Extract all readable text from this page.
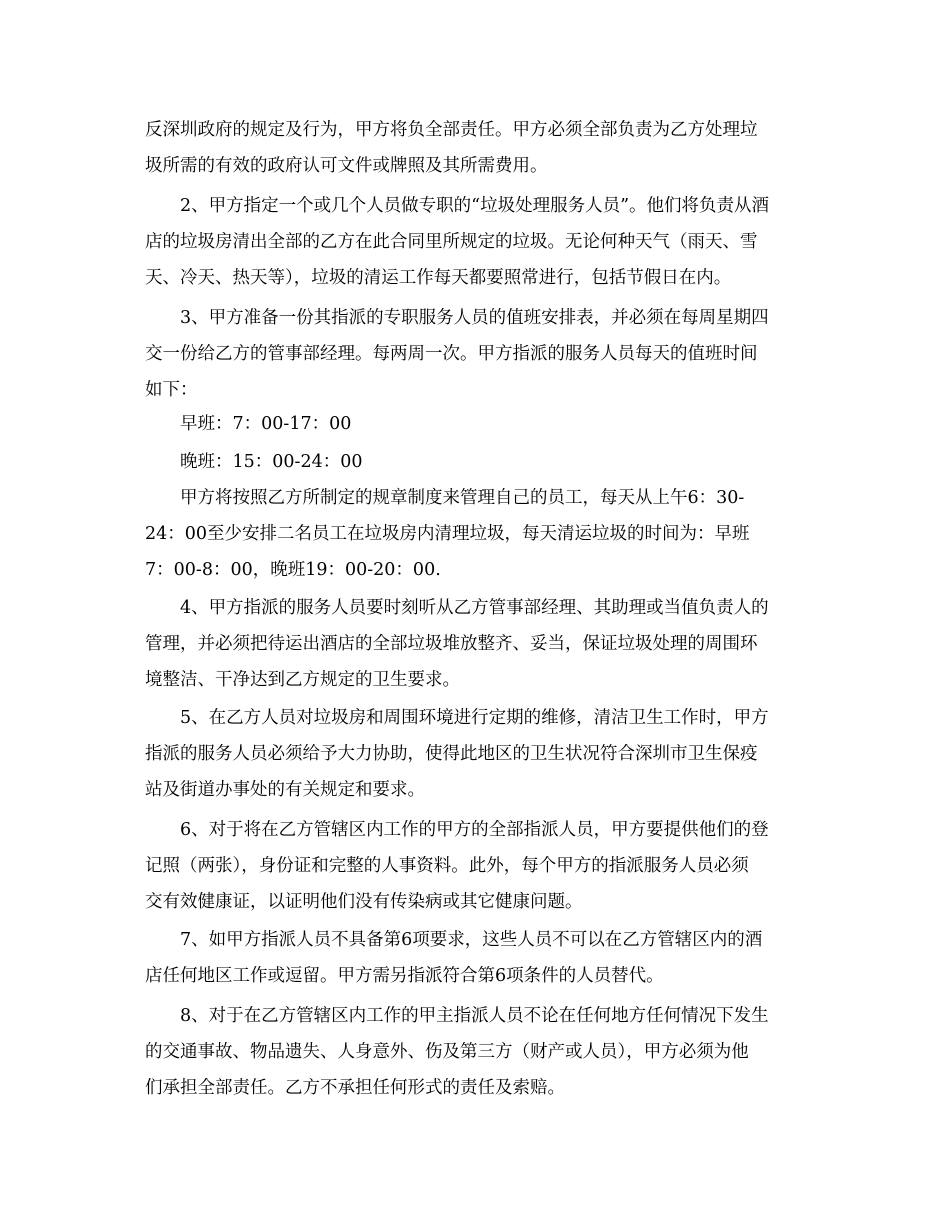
反深圳政府的规定及行为，甲方将负全部责任。甲方必须全部负责为乙方处理垃
圾所需的有效的政府认可文件或牌照及其所需费用。
2、甲方指定一个或几个人员做专职的“垃圾处理服务人员”。他们将负责从酒
店的垃圾房清出全部的乙方在此合同里所规定的垃圾。无论何种天气（雨天、雪
天、冷天、热天等），垃圾的清运工作每天都要照常进行，包括节假日在内。
3、甲方准备一份其指派的专职服务人员的值班安排表，并必须在每周星期四
交一份给乙方的管事部经理。每两周一次。甲方指派的服务人员每天的值班时间
如下：
早班：7：00-17：00
晚班：15：00-24：00
甲方将按照乙方所制定的规章制度来管理自己的员工，每天从上午6：30-
24：00至少安排二名员工在垃圾房内清理垃圾，每天清运垃圾的时间为：早班
7：00-8：00，晚班19：00-20：00.
4、甲方指派的服务人员要时刻听从乙方管事部经理、其助理或当值负责人的
管理，并必须把待运出酒店的全部垃圾堆放整齐、妥当，保证垃圾处理的周围环
境整洁、干净达到乙方规定的卫生要求。
5、在乙方人员对垃圾房和周围环境进行定期的维修，清洁卫生工作时，甲方
指派的服务人员必须给予大力协助，使得此地区的卫生状况符合深圳市卫生保疫
站及街道办事处的有关规定和要求。
6、对于将在乙方管辖区内工作的甲方的全部指派人员，甲方要提供他们的登
记照（两张），身份证和完整的人事资料。此外，每个甲方的指派服务人员必须
交有效健康证，以证明他们没有传染病或其它健康问题。
7、如甲方指派人员不具备第6项要求，这些人员不可以在乙方管辖区内的酒
店任何地区工作或逗留。甲方需另指派符合第6项条件的人员替代。
8、对于在乙方管辖区内工作的甲主指派人员不论在任何地方任何情况下发生
的交通事故、物品遗失、人身意外、伤及第三方（财产或人员），甲方必须为他
们承担全部责任。乙方不承担任何形式的责任及索赔。
